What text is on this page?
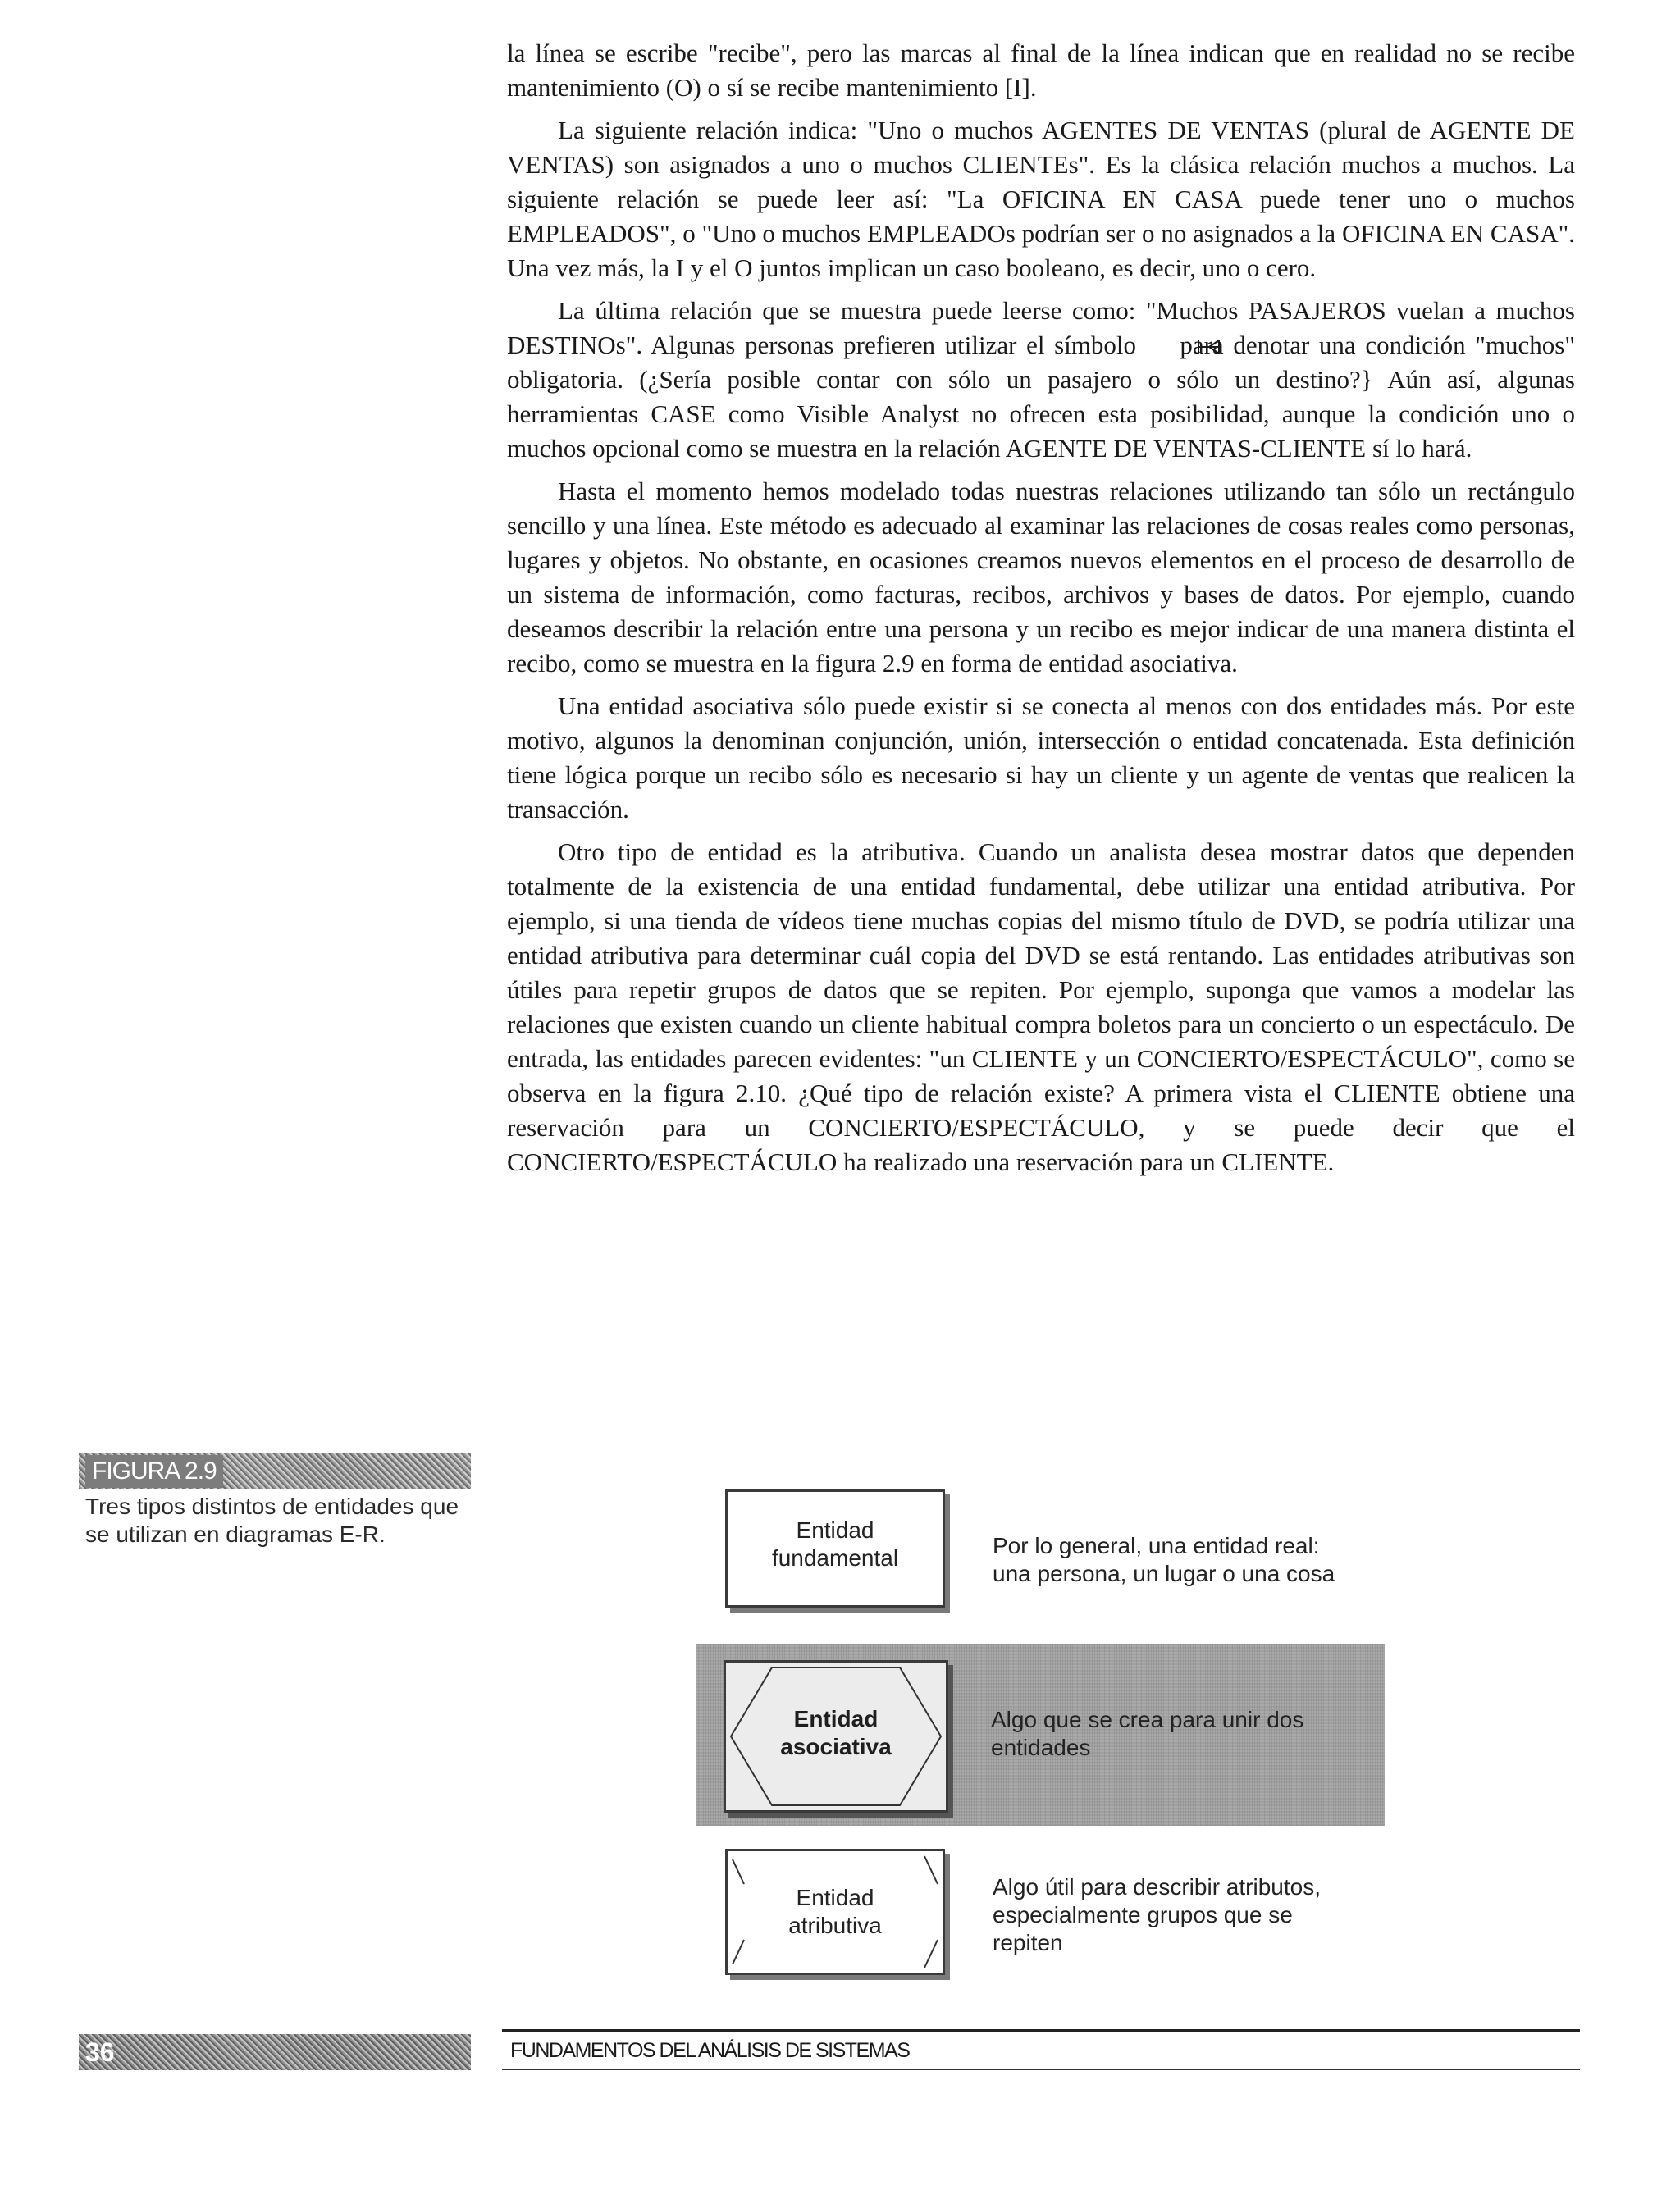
la línea se escribe "recibe", pero las marcas al final de la línea indican que en realidad no se recibe mantenimiento (O) o sí se recibe mantenimiento [I].

La siguiente relación indica: "Uno o muchos AGENTES DE VENTAS (plural de AGENTE DE VENTAS) son asignados a uno o muchos CLIENTEs". Es la clásica relación muchos a muchos. La siguiente relación se puede leer así: "La OFICINA EN CASA puede tener uno o muchos EMPLEADOS", o "Uno o muchos EMPLEADOs podrían ser o no asignados a la OFICINA EN CASA". Una vez más, la I y el O juntos implican un caso booleano, es decir, uno o cero.

La última relación que se muestra puede leerse como: "Muchos PASAJEROS vuelan a muchos DESTINOs". Algunas personas prefieren utilizar el símbolo  para denotar una condición "muchos" obligatoria. (¿Sería posible contar con sólo un pasajero o sólo un destino?} Aún así, algunas herramientas CASE como Visible Analyst no ofrecen esta posibilidad, aunque la condición uno o muchos opcional como se muestra en la relación AGENTE DE VENTAS-CLIENTE sí lo hará.

Hasta el momento hemos modelado todas nuestras relaciones utilizando tan sólo un rectángulo sencillo y una línea. Este método es adecuado al examinar las relaciones de cosas reales como personas, lugares y objetos. No obstante, en ocasiones creamos nuevos elementos en el proceso de desarrollo de un sistema de información, como facturas, recibos, archivos y bases de datos. Por ejemplo, cuando deseamos describir la relación entre una persona y un recibo es mejor indicar de una manera distinta el recibo, como se muestra en la figura 2.9 en forma de entidad asociativa.

Una entidad asociativa sólo puede existir si se conecta al menos con dos entidades más. Por este motivo, algunos la denominan conjunción, unión, intersección o entidad concatenada. Esta definición tiene lógica porque un recibo sólo es necesario si hay un cliente y un agente de ventas que realicen la transacción.

Otro tipo de entidad es la atributiva. Cuando un analista desea mostrar datos que dependen totalmente de la existencia de una entidad fundamental, debe utilizar una entidad atributiva. Por ejemplo, si una tienda de vídeos tiene muchas copias del mismo título de DVD, se podría utilizar una entidad atributiva para determinar cuál copia del DVD se está rentando. Las entidades atributivas son útiles para repetir grupos de datos que se repiten. Por ejemplo, suponga que vamos a modelar las relaciones que existen cuando un cliente habitual compra boletos para un concierto o un espectáculo. De entrada, las entidades parecen evidentes: "un CLIENTE y un CONCIERTO/ESPECTÁCULO", como se observa en la figura 2.10. ¿Qué tipo de relación existe? A primera vista el CLIENTE obtiene una reservación para un CONCIERTO/ESPECTÁCULO, y se puede decir que el CONCIERTO/ESPECTÁCULO ha realizado una reservación para un CLIENTE.

FIGURA 2.9
Tres tipos distintos de entidades que se utilizan en diagramas E-R.	Entidad
fundamental	Por lo general, una entidad real:
una persona, un lugar o una cosa
Entidad
asociativa
Algo que se crea para unir dos
entidades
Entidad
atributiva
Algo útil para describir atributos,
especialmente grupos que se
repiten
36	FUNDAMENTOS DEL ANÁLISIS DE SISTEMAS
